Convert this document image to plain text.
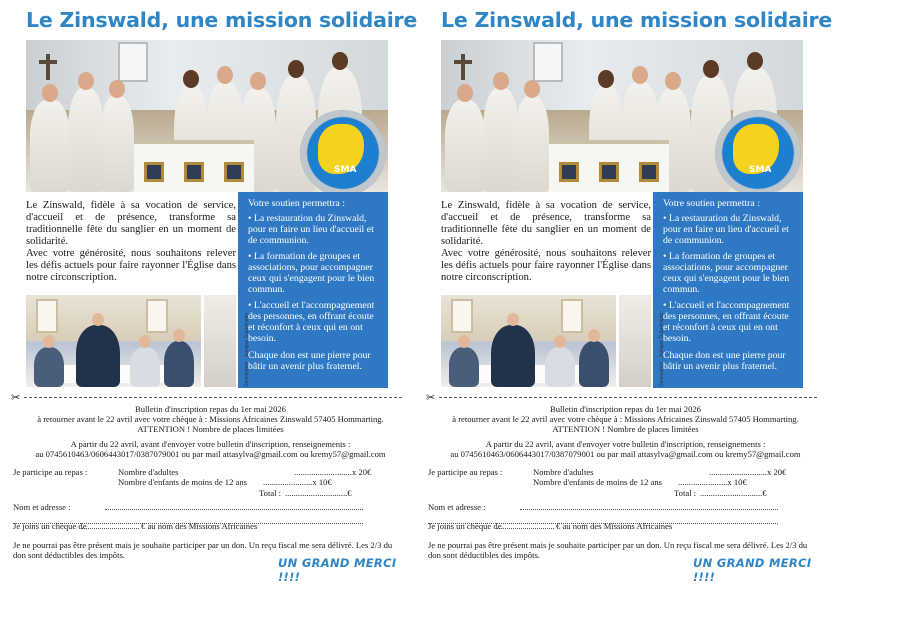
Le Zinswald, une mission solidaire
SMA

Le Zinswald, fidèle à sa vocation de service, d'accueil et de présence, transforme sa traditionnelle fête du sanglier en un moment de solidarité.

Avec votre générosité, nous souhaitons relever les défis actuels pour faire rayonner l'Église dans notre circonscription.

Votre soutien permettra :
• La restauration du Zinswald, pour en faire un lieu d'accueil et de communion.
• La formation de groupes et associations, pour accompagner ceux qui s'engagent pour le bien commun.
• L'accueil et l'accompagnement des personnes, en offrant écoute et réconfort à ceux qui en ont besoin.
Chaque don est une pierre pour bâtir un avenir plus fraternel.
Conception : Janique Gubelmann
✂
Bulletin d'inscription repas du 1er mai 2026
à retourner avant le 22 avril avec votre chèque à : Missions Africaines Zinswald 57405 Hommarting.
ATTENTION ! Nombre de places limitées
A partir du 22 avril, avant d'envoyer votre bulletin d'inscription, renseignements :
au 0745610463/0606443017/0387079001 ou par mail attasylva@gmail.com ou kremy57@gmail.com
Je participe au repas :	Nombre d'adultes	...........................x 20€
Nombre d'enfants de moins de 12 ans .......................x 10€
Total : .............................€
Nom et adresse :
Je joins un chèque de	€ au nom des Missions Africaines
Je ne pourrai pas être présent mais je souhaite participer par un don. Un reçu fiscal me sera délivré. Les 2/3 du don sont déductibles des impôts.
UN GRAND MERCI !!!!
Le Zinswald, une mission solidaire
SMA

Le Zinswald, fidèle à sa vocation de service, d'accueil et de présence, transforme sa traditionnelle fête du sanglier en un moment de solidarité.

Avec votre générosité, nous souhaitons relever les défis actuels pour faire rayonner l'Église dans notre circonscription.

Votre soutien permettra :
• La restauration du Zinswald, pour en faire un lieu d'accueil et de communion.
• La formation de groupes et associations, pour accompagner ceux qui s'engagent pour le bien commun.
• L'accueil et l'accompagnement des personnes, en offrant écoute et réconfort à ceux qui en ont besoin.
Chaque don est une pierre pour bâtir un avenir plus fraternel.
Conception : Janique Gubelmann
✂
Bulletin d'inscription repas du 1er mai 2026
à retourner avant le 22 avril avec votre chèque à : Missions Africaines Zinswald 57405 Hommarting.
ATTENTION ! Nombre de places limitées
A partir du 22 avril, avant d'envoyer votre bulletin d'inscription, renseignements :
au 0745610463/0606443017/0387079001 ou par mail attasylva@gmail.com ou kremy57@gmail.com
Je participe au repas :	Nombre d'adultes	...........................x 20€
Nombre d'enfants de moins de 12 ans .......................x 10€
Total : .............................€
Nom et adresse :
Je joins un chèque de	€ au nom des Missions Africaines
Je ne pourrai pas être présent mais je souhaite participer par un don. Un reçu fiscal me sera délivré. Les 2/3 du don sont déductibles des impôts.
UN GRAND MERCI !!!!
